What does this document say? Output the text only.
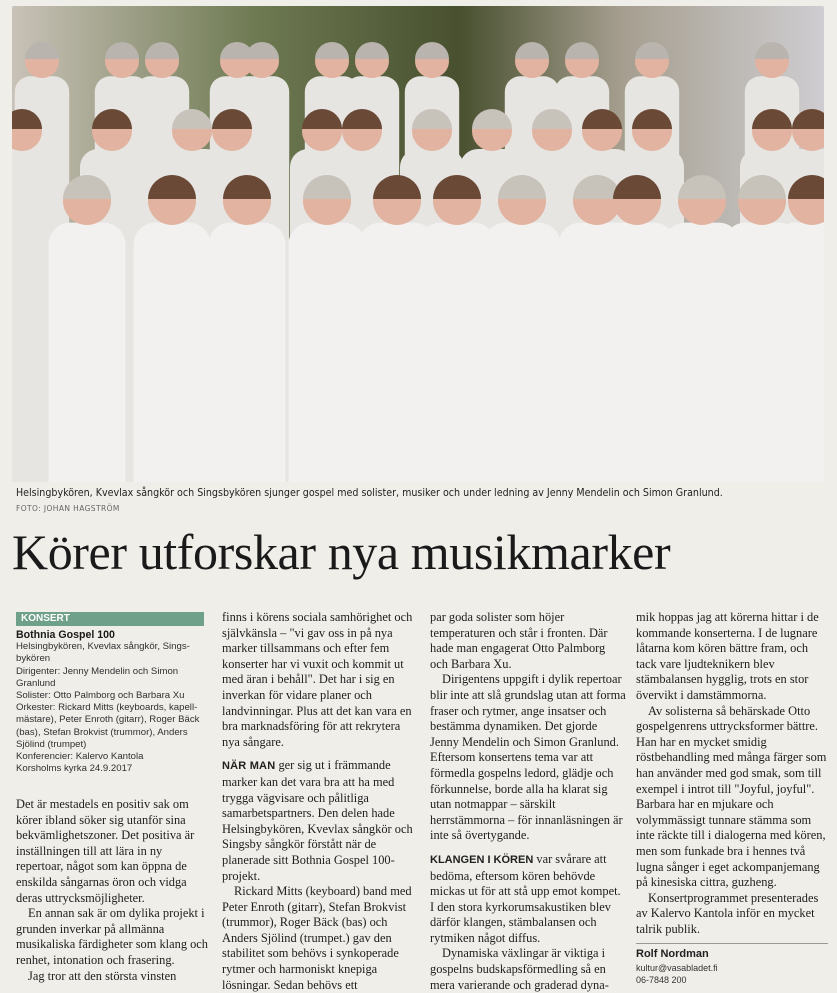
Helsingbykören, Kvevlax sångkör och Singsbykören sjunger gospel med solister, musiker och under ledning av Jenny Mendelin och Simon Granlund.
FOTO: JOHAN HAGSTRÖM
Körer utforskar nya musikmarker
KONSERT
Bothnia Gospel 100

Helsingbykören, Kvevlax sångkör, Sings-

bykören

Dirigenter: Jenny Mendelin och Simon

Granlund

Solister: Otto Palmborg och Barbara Xu

Orkester: Rickard Mitts (keyboards, kapell-

mästare), Peter Enroth (gitarr), Roger Bäck

(bas), Stefan Brokvist (trummor), Anders

Sjölind (trumpet)

Konferencier: Kalervo Kantola

Korsholms kyrka 24.9.2017

Det är mestadels en positiv sak om körer ibland söker sig utanför sina bekvämlighetszoner. Det positiva är inställningen till att lära in ny repertoar, något som kan öppna de enskilda sångarnas öron och vidga deras uttrycksmöjligheter.

En annan sak är om dylika projekt i grunden inverkar på allmänna musikaliska färdigheter som klang och renhet, intonation och frasering.

Jag tror att den största vinsten

finns i körens sociala samhörighet och självkänsla – "vi gav oss in på nya marker tillsammans och efter fem konserter har vi vuxit och kommit ut med äran i behåll". Det har i sig en inverkan för vidare planer och landvinningar. Plus att det kan vara en bra marknadsföring för att rekrytera nya sångare.

NÄR MAN ger sig ut i främmande marker kan det vara bra att ha med trygga vägvisare och pålitliga samarbetspartners. Den delen hade Helsingbykören, Kvevlax sångkör och Singsby sångkör förstått när de planerade sitt Bothnia Gospel 100-projekt.

Rickard Mitts (keyboard) band med Peter Enroth (gitarr), Stefan Brokvist (trummor), Roger Bäck (bas) och Anders Sjölind (trumpet.) gav den stabilitet som behövs i synkoperade rytmer och harmoniskt knepiga lösningar. Sedan behövs ett

par goda solister som höjer temperaturen och står i fronten. Där hade man engagerat Otto Palmborg och Barbara Xu.

Dirigentens uppgift i dylik repertoar blir inte att slå grundslag utan att forma fraser och rytmer, ange insatser och bestämma dynamiken. Det gjorde Jenny Mendelin och Simon Granlund. Eftersom konsertens tema var att förmedla gospelns ledord, glädje och förkunnelse, borde alla ha klarat sig utan notmappar – särskilt herrstämmorna – för innanläsningen är inte så övertygande.

KLANGEN I KÖREN var svårare att bedöma, eftersom kören behövde mickas ut för att stå upp emot kompet. I den stora kyrkorumsakustiken blev därför klangen, stämbalansen och rytmiken något diffus.

Dynamiska växlingar är viktiga i gospelns budskapsförmedling så en mera varierande och graderad dyna-

mik hoppas jag att körerna hittar i de kommande konserterna. I de lugnare låtarna kom kören bättre fram, och tack vare ljudteknikern blev stämbalansen hygglig, trots en stor övervikt i damstämmorna.

Av solisterna så behärskade Otto gospelgenrens uttrycksformer bättre. Han har en mycket smidig röstbehandling med många färger som han använder med god smak, som till exempel i introt till "Joyful, joyful". Barbara har en mjukare och volymmässigt tunnare stämma som inte räckte till i dialogerna med kören, men som funkade bra i hennes två lugna sånger i eget ackompanjemang på kinesiska cittra, guzheng.

Konsertprogrammet presenterades av Kalervo Kantola inför en mycket talrik publik.

Rolf Nordman
kultur@vasabladet.fi
06-7848 200
